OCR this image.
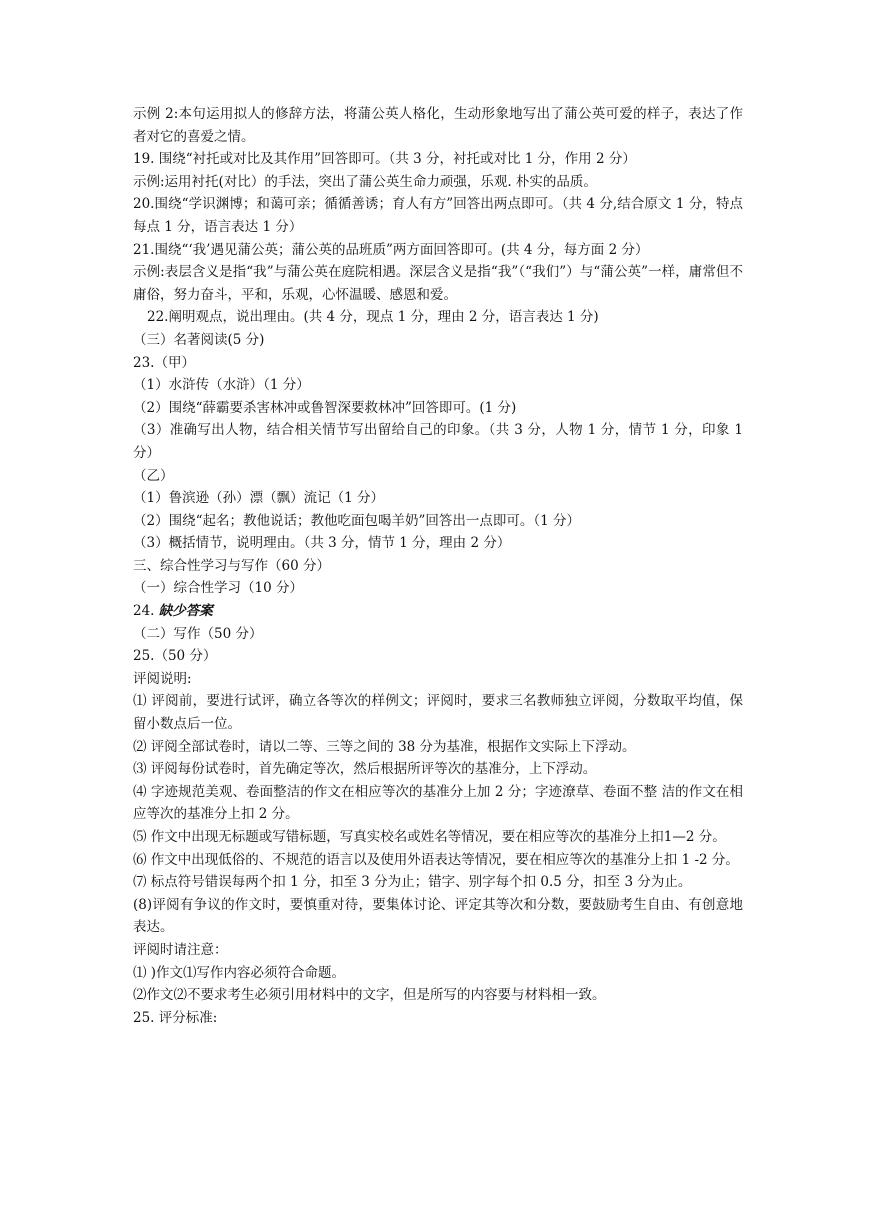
示例 2:本句运用拟人的修辞方法，将蒲公英人格化，生动形象地写出了蒲公英可爱的样子，表达了作者对它的喜爱之情。
19. 围绕“衬托或对比及其作用”回答即可。（共 3 分，衬托或对比 1 分，作用 2 分）
示例:运用衬托(对比）的手法，突出了蒲公英生命力顽强，乐观. 朴实的品质。
20.围绕“学识渊博；和蔼可亲；循循善诱；育人有方”回答出两点即可。（共 4 分,结合原文 1 分，特点每点 1 分，语言表达 1 分）
21.围绕“‘我’遇见蒲公英；蒲公英的品班质”两方面回答即可。(共 4 分，每方面 2 分）
示例:表层含义是指“我”与蒲公英在庭院相遇。深层含义是指“我”（“我们”）与“蒲公英”一样，庸常但不庸俗，努力奋斗，平和，乐观，心怀温暖、感恩和爱。
22.阐明观点，说出理由。(共 4 分，现点 1 分，理由 2 分，语言表达 1 分)
（三）名著阅读(5 分)
23.（甲）
（1）水浒传（水浒）（1 分）
（2）围绕“薛霸要杀害林冲或鲁智深要救林冲”回答即可。(1 分)
（3）准确写出人物，结合相关情节写出留给自己的印象。（共 3 分，人物 1 分，情节 1 分，印象 1 分）
（乙）
（1）鲁滨逊（孙）漂（飘）流记（1 分）
（2）围绕“起名；教他说话；教他吃面包喝羊奶”回答出一点即可。（1 分）
（3）概括情节，说明理由。（共 3 分，情节 1 分，理由 2 分）
三、综合性学习与写作（60 分）
（一）综合性学习（10 分）
24. 缺少答案
（二）写作（50 分）
25.（50 分）
评阅说明:
⑴ 评阅前，要进行试评，确立各等次的样例文；评阅时，要求三名教师独立评阅，分数取平均值，保留小数点后一位。
⑵ 评阅全部试卷时，请以二等、三等之间的 38 分为基准，根据作文实际上下浮动。
⑶ 评阅每份试卷时，首先确定等次，然后根据所评等次的基准分，上下浮动。
⑷ 字迹规范美观、卷面整洁的作文在相应等次的基准分上加 2 分；字迹潦草、卷面不整 洁的作文在相应等次的基准分上扣 2 分。
⑸ 作文中出现无标题或写错标题，写真实校名或姓名等情况，要在相应等次的基准分上扣1—2 分。
⑹ 作文中出现低俗的、不规范的语言以及使用外语表达等情况，要在相应等次的基准分上扣 1 -2 分。
⑺ 标点符号错误每两个扣 1 分，扣至 3 分为止；错字、别字每个扣 0.5 分，扣至 3 分为止。
(8)评阅有争议的作文时，要慎重对待，要集体讨论、评定其等次和分数，要鼓励考生自由、有创意地表达。
评阅时请注意：
⑴ )作文⑴写作内容必须符合命题。
⑵作文⑵不要求考生必须引用材料中的文字，但是所写的内容要与材料相一致。
25. 评分标准:
